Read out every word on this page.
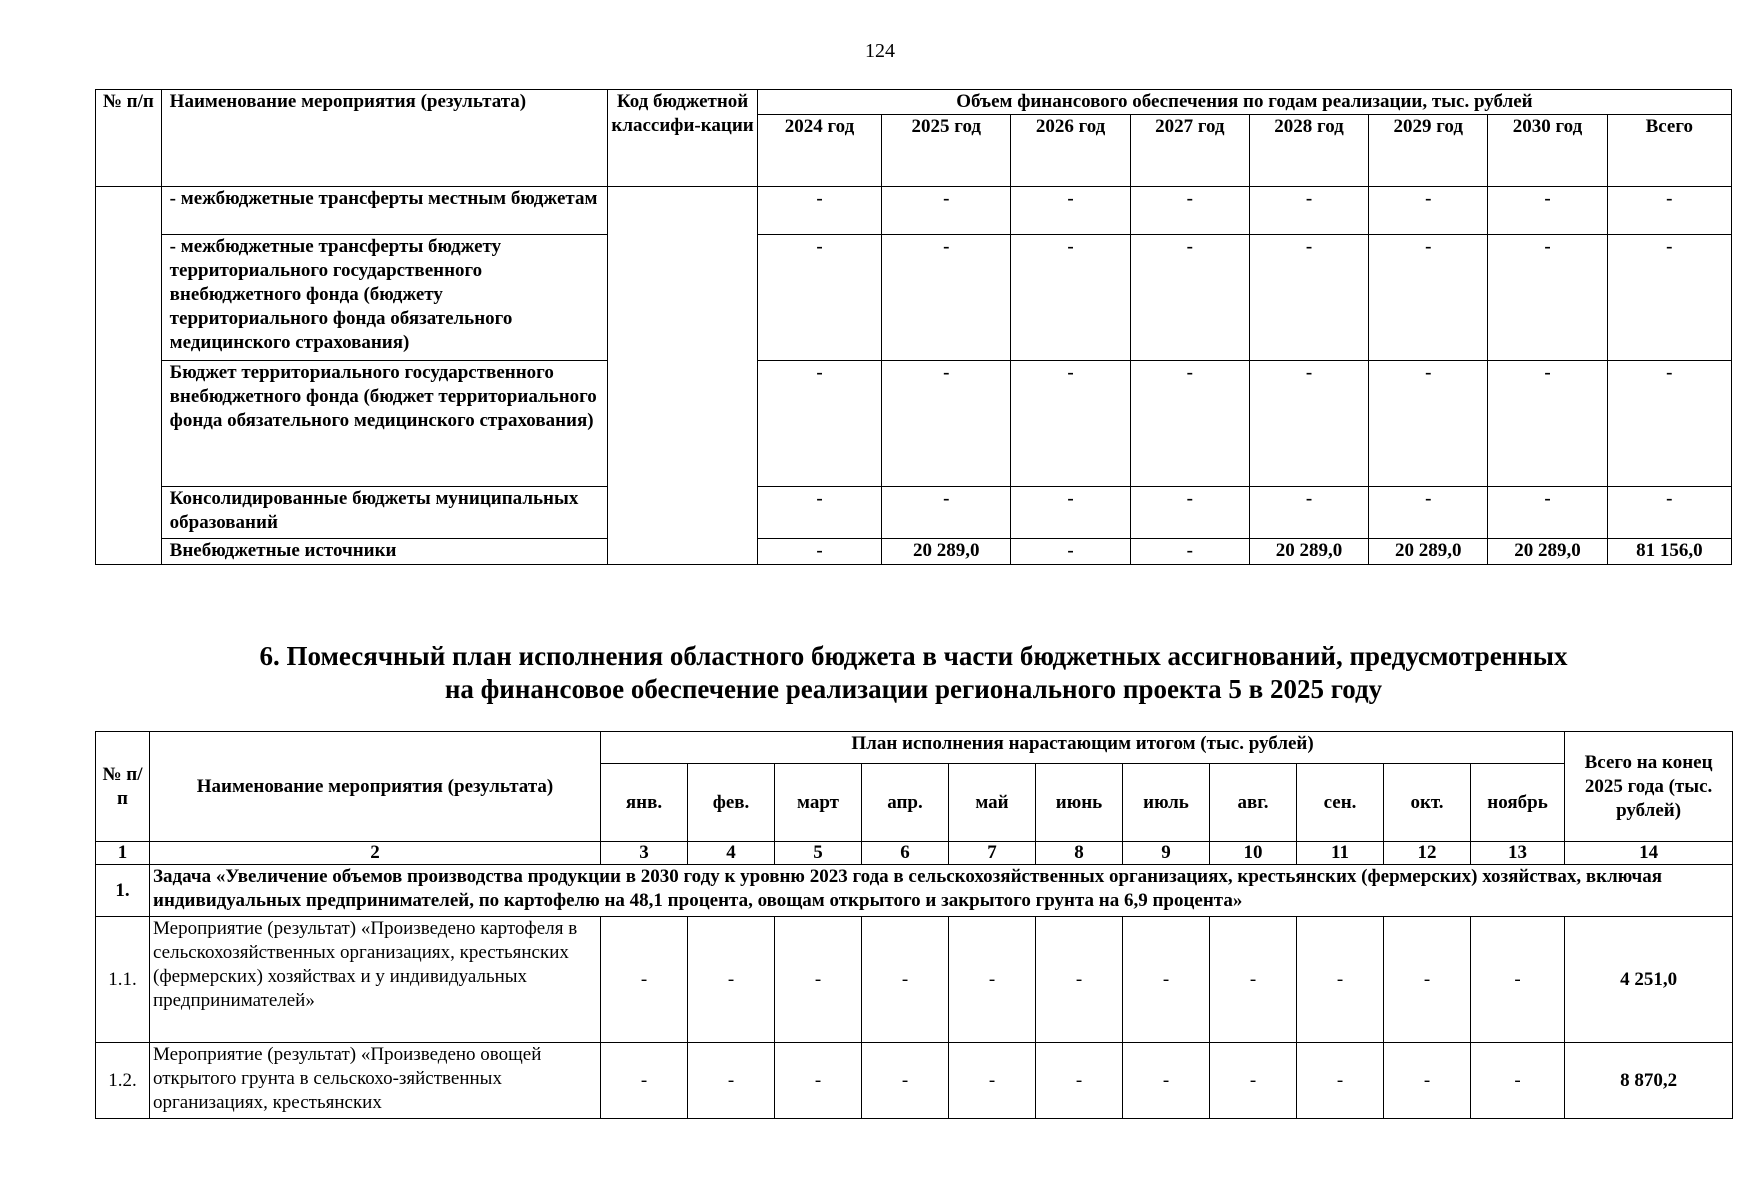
124
№ п/п	Наименование мероприятия (результата)	Код бюджетной классифи-кации	Объем финансового обеспечения по годам реализации, тыс. рублей							
			2024 год	2025 год	2026 год	2027 год	2028 год	2029 год	2030 год	Всего
	- межбюджетные трансферты местным бюджетам		-	-	-	-	-	-	-	-
	- межбюджетные трансферты бюджету территориального государственного внебюджетного фонда (бюджету территориального фонда обязательного медицинского страхования)		-	-	-	-	-	-	-	-
	Бюджет территориального государственного внебюджетного фонда (бюджет территориального фонда обязательного медицинского страхования)		-	-	-	-	-	-	-	-
	Консолидированные бюджеты муниципальных образований		-	-	-	-	-	-	-	-
	Внебюджетные источники		-	20 289,0	-	-	20 289,0	20 289,0	20 289,0	81 156,0
6. Помесячный план исполнения областного бюджета в части бюджетных ассигнований, предусмотренных
на финансовое обеспечение реализации регионального проекта 5 в 2025 году
№ п/п	Наименование мероприятия (результата)	План исполнения нарастающим итогом (тыс. рублей)											Всего на конец 2025 года (тыс. рублей)
		янв.	фев.	март	апр.	май	июнь	июль	авг.	сен.	окт.	ноябрь	
1	2	3	4	5	6	7	8	9	10	11	12	13	14
1.	Задача «Увеличение объемов производства продукции в 2030 году к уровню 2023 года в сельскохозяйственных организациях, крестьянских (фермерских) хозяйствах, включая индивидуальных предпринимателей, по картофелю на 48,1 процента, овощам открытого и закрытого грунта на 6,9 процента»												
1.1.	Мероприятие (результат) «Произведено картофеля в сельскохозяйственных организациях, крестьянских (фермерских) хозяйствах и у индивидуальных предпринимателей»	-	-	-	-	-	-	-	-	-	-	-	4 251,0
1.2.	Мероприятие (результат) «Произведено овощей открытого грунта в сельскохо-зяйственных организациях, крестьянских	-	-	-	-	-	-	-	-	-	-	-	8 870,2
